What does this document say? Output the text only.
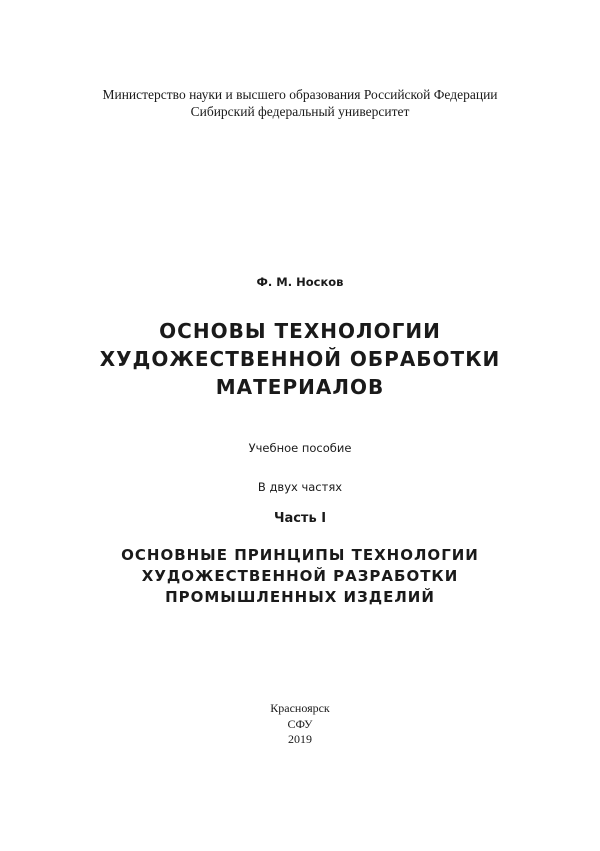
Министерство науки и высшего образования Российской Федерации
Сибирский федеральный университет
Ф. М. Носков
ОСНОВЫ ТЕХНОЛОГИИ
ХУДОЖЕСТВЕННОЙ ОБРАБОТКИ
МАТЕРИАЛОВ
Учебное пособие
В двух частях
Часть I
ОСНОВНЫЕ ПРИНЦИПЫ ТЕХНОЛОГИИ
ХУДОЖЕСТВЕННОЙ РАЗРАБОТКИ
ПРОМЫШЛЕННЫХ ИЗДЕЛИЙ
Красноярск
СФУ
2019
